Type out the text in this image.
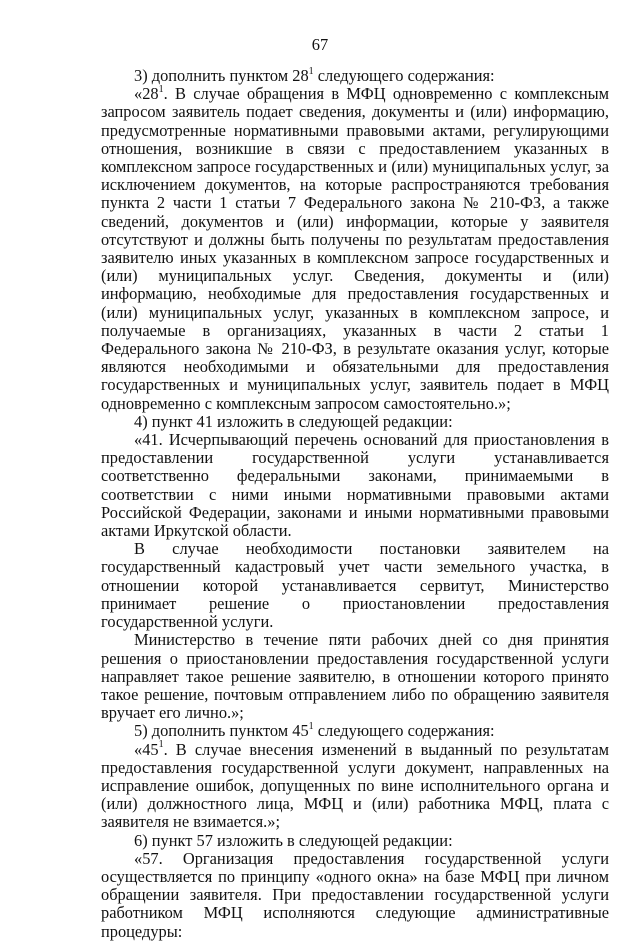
67

3) дополнить пунктом $28^1$ следующего содержания:

«$28^1$. В случае обращения в МФЦ одновременно с комплексным запросом заявитель подает сведения, документы и (или) информацию, предусмотренные нормативными правовыми актами, регулирующими отношения, возникшие в связи с предоставлением указанных в комплексном запросе государственных и (или) муниципальных услуг, за исключением документов, на которые распространяются требования пункта 2 части 1 статьи 7 Федерального закона № 210-ФЗ, а также сведений, документов и (или) информации, которые у заявителя отсутствуют и должны быть получены по результатам предоставления заявителю иных указанных в комплексном запросе государственных и (или) муниципальных услуг. Сведения, документы и (или) информацию, необходимые для предоставления государственных и (или) муниципальных услуг, указанных в комплексном запросе, и получаемые в организациях, указанных в части 2 статьи 1 Федерального закона № 210-ФЗ, в результате оказания услуг, которые являются необходимыми и обязательными для предоставления государственных и муниципальных услуг, заявитель подает в МФЦ одновременно с комплексным запросом самостоятельно.»;

4) пункт 41 изложить в следующей редакции:

«41. Исчерпывающий перечень оснований для приостановления в предоставлении государственной услуги устанавливается соответственно федеральными законами, принимаемыми в соответствии с ними иными нормативными правовыми актами Российской Федерации, законами и иными нормативными правовыми актами Иркутской области.

В случае необходимости постановки заявителем на государственный кадастровый учет части земельного участка, в отношении которой устанавливается сервитут, Министерство принимает решение о приостановлении предоставления государственной услуги.

Министерство в течение пяти рабочих дней со дня принятия решения о приостановлении предоставления государственной услуги направляет такое решение заявителю, в отношении которого принято такое решение, почтовым отправлением либо по обращению заявителя вручает его лично.»;

5) дополнить пунктом $45^1$ следующего содержания:

«$45^1$. В случае внесения изменений в выданный по результатам предоставления государственной услуги документ, направленных на исправление ошибок, допущенных по вине исполнительного органа и (или) должностного лица, МФЦ и (или) работника МФЦ, плата с заявителя не взимается.»;

6) пункт 57 изложить в следующей редакции:

«57. Организация предоставления государственной услуги осуществляется по принципу «одного окна» на базе МФЦ при личном обращении заявителя. При предоставлении государственной услуги работником МФЦ исполняются следующие административные процедуры:
